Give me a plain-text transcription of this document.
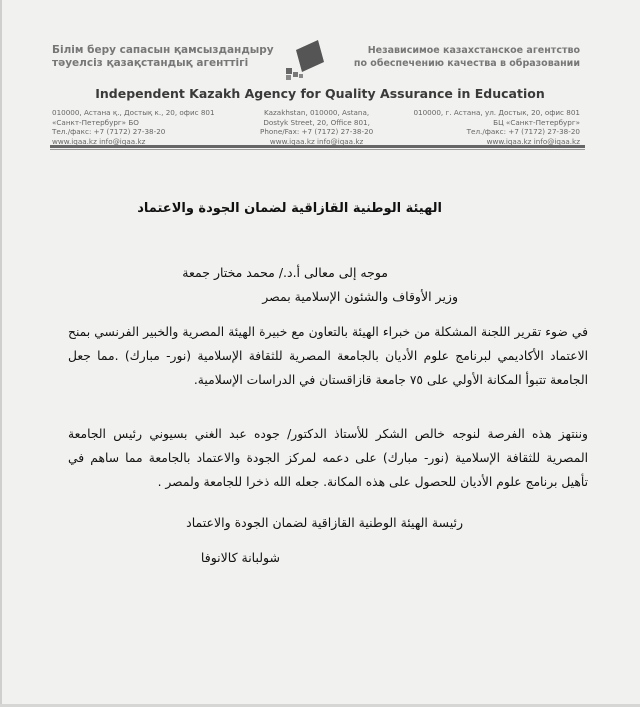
Білім беру сапасын қамсыздандыру
тәуелсіз қазақстандық агенттігі
Независимое казахстанское агентство
по обеспечению качества в образовании
Independent Kazakh Agency for Quality Assurance in Education
010000, Астана қ., Достық к., 20, офис 801
«Санкт-Петербург» БО
Тел./факс: +7 (7172) 27-38-20
www.iqaa.kz info@iqaa.kz
Kazakhstan, 010000, Astana,
Dostyk Street, 20, Office 801,
Phone/Fax: +7 (7172) 27-38-20
www.iqaa.kz info@iqaa.kz
010000, г. Астана, ул. Достык, 20, офис 801
БЦ «Санкт-Петербург»
Тел./факс: +7 (7172) 27-38-20
www.iqaa.kz info@iqaa.kz
الهيئة الوطنية القازاقية لضمان الجودة والاعتماد
موجه إلى معالى أ.د./ محمد مختار جمعة
وزير الأوقاف والشئون الإسلامية بمصر
في ضوء تقرير اللجنة المشكلة من خبراء الهيئة بالتعاون مع خبيرة الهيئة المصرية والخبير الفرنسي بمنح الاعتماد الأكاديمي لبرنامج علوم الأديان بالجامعة المصرية للثقافة الإسلامية (نور- مبارك) .مما جعل الجامعة تتبوأ المكانة الأولي على ٧٥ جامعة قازاقستان في الدراسات الإسلامية.
وننتهز هذه الفرصة لنوجه خالص الشكر للأستاذ الدكتور/ جوده عبد الغني بسيوني رئيس الجامعة المصرية للثقافة الإسلامية (نور- مبارك) على دعمه لمركز الجودة والاعتماد بالجامعة مما ساهم في تأهيل برنامج علوم الأديان للحصول على هذه المكانة. جعله الله ذخرا للجامعة ولمصر .
رئيسة الهيئة الوطنية القازاقية لضمان الجودة والاعتماد
شولبانة كالانوفا
